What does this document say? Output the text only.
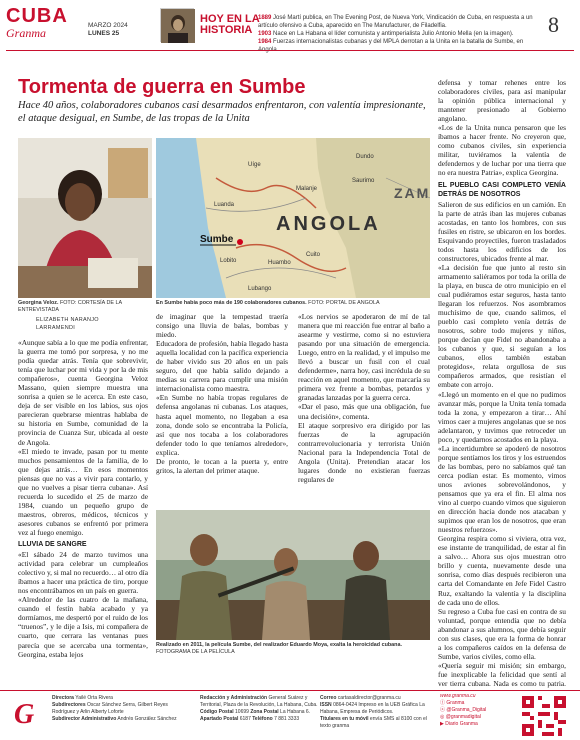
CUBA
Granma
MARZO 2024
LUNES 25
HOY EN LA HISTORIA
1889 José Martí publica, en The Evening Post, de Nueva York, Vindicación de Cuba, en respuesta a un artículo ofensivo a Cuba, aparecido en The Manufacturer, de Filadelfia.
1903 Nace en La Habana el líder comunista y antimperialista Julio Antonio Mella (en la imagen).
1984 Fuerzas internacionalistas cubanas y del MPLA derrotan a la Unita en la batalla de Sumbe, en
8
Tormenta de guerra en Sumbe
Hace 40 años, colaboradores cubanos casi desarmados enfrentaron, con valentía impresionante, el ataque desigual, en Sumbe, de las tropas de la Unita
Georgina Veloz. FOTO: CORTESÍA DE LA ENTREVISTADA
ANGOLA
Sumbe
ZAM
Luanda
Malanje
Huambo
Lubango
Dundo
Cuito
Saurimo
Uíge
Lobito
En Sumbe había poco más de 190 colaboradores cubanos. FOTO: PORTAL DE ANGOLA
ELIZABETH NARANJO
LARRAMENDI

«Aunque sabía a lo que me podía enfrentar, la guerra me tomó por sorpresa, y no me podía quedar atrás. Tenía que sobrevivir, tenía que luchar por mi vida y por la de mis compañeros», cuenta Georgina Veloz Massano, quien siempre muestra una sonrisa a quien se le acerca. En este caso, deja de ser visible en los labios, sus ojos parecieran quebrarse mientras hablaba de su historia en Sumbe, comunidad de la provincia de Cuanza Sur, ubicada al oeste de Angola.

«El miedo te invade, pasan por tu mente muchos pensamientos de la familia, de lo que dejas atrás… En esos momentos piensas que no vas a vivir para contarlo, y que no vuelves a pisar tierra cubana». Así recuerda lo sucedido el 25 de marzo de 1984, cuando un pequeño grupo de maestros, obreros, médicos, técnicos y asesores cubanos se enfrentó por primera vez al fuego enemigo.

LLUVIA DE SANGRE

«El sábado 24 de marzo tuvimos una actividad para celebrar un cumpleaños colectivo y, si mal no recuerdo… al otro día íbamos a hacer una práctica de tiro, porque nos encontrábamos en un país en guerra.

«Alrededor de las cuatro de la mañana, cuando el festín había acabado y ya dormíamos, me despertó por el ruido de los “truenos”, y le dije a Isis, mi compañera de cuarto, que cerrara las ventanas pues parecía que se acercaba una tormenta», Georgina, estaba lejos

de imaginar que la tempestad traería consigo una lluvia de balas, bombas y miedo.

Educadora de profesión, había llegado hasta aquella localidad con la pacífica experiencia de haber vivido sus 20 años en un país seguro, del que había salido dejando a medias su carrera para cumplir una misión internacionalista como maestra.

«En Sumbe no había tropas regulares de defensa angolanas ni cubanas. Los ataques, hasta aquel momento, no llegaban a esa zona, donde solo se encontraba la Policía, así que nos tocaba a los colaboradores defender todo lo que teníamos alrededor», explica.

De pronto, le tocan a la puerta y, entre gritos, la alertan del primer ataque.

«Los nervios se apoderaron de mí de tal manera que mi reacción fue entrar al baño a asearme y vestirme, como si no estuviera pasando por una situación de emergencia. Luego, entro en la realidad, y el impulso me llevó a buscar un fusil con el cual defenderme», narra hoy, casi incrédula de su reacción en aquel momento, que marcaría su primera vez frente a bombas, petardos y granadas lanzadas por la guerra cerca.

«Dar el paso, más que una obligación, fue una decisión», comenta.

El ataque sorpresivo era dirigido por las fuerzas de la agrupación contrarrevolucionaria y terrorista Unión Nacional para la Independencia Total de Angola (Unita). Pretendían atacar los lugares donde no existieran fuerzas regulares de

Realizado en 2011, la película Sumbe, del realizador Eduardo Moya, exalta la heroicidad cubana. FOTOGRAMA DE LA PELÍCULA

defensa y tomar rehenes entre los colaboradores civiles, para así manipular la opinión pública internacional y mantener presionado al Gobierno angolano.

«Los de la Unita nunca pensaron que les íbamos a hacer frente. No creyeron que, como cubanos civiles, sin experiencia militar, tuviéramos la valentía de defendernos y de luchar por una tierra que no era nuestra Patria», explica Georgina.

EL PUEBLO CASI COMPLETO VENÍA DETRÁS DE NOSOTROS

Salieron de sus edificios en un camión. En la parte de atrás iban las mujeres cubanas acostadas, en tanto los hombres, con sus fusiles en ristre, se ubicaron en los bordes. Esquivando proyectiles, fueron trasladados todos hasta los edificios de los constructores, ubicados frente al mar.

«La decisión fue que junto al resto sin armamento saliéramos por toda la orilla de la playa, en busca de otro municipio en el cual pudiéramos estar seguros, hasta tanto llegaran los refuerzos. Nos asombramos muchísimo de que, cuando salimos, el pueblo casi completo venía detrás de nosotros, sobre todo mujeres y niños, porque decían que Fidel no abandonaba a los cubanos y que, si seguían a los cubanos, ellos también estaban protegidos», relata orgullosa de sus compañeros armados, que resistían el embate con arrojo.

«Llegó un momento en el que no pudimos avanzar más, porque la Unita tenía tomada toda la zona, y empezaron a tirar… Ahí vimos caer a mujeres angolanas que se nos adelantaron, y tuvimos que retroceder un poco, y quedarnos acostados en la playa.

«La incertidumbre se apoderó de nosotros porque sentíamos los tiros y los estruendos de las bombas, pero no sabíamos qué tan cerca podían estar. Es momento, vimos unos aviones sobrevolándonos, y pensamos que ya era el fin. El alma nos vino al cuerpo cuando vimos que siguieron en dirección hacia donde nos atacaban y supimos que eran los de nosotros, que eran nuestros refuerzos».

Georgina respira como si viviera, otra vez, ese instante de tranquilidad, de estar al fin a salvo… Ahora sus ojos muestran otro brillo y cuenta, nuevamente desde una sonrisa, como días después recibieron una carta del Comandante en Jefe Fidel Castro Ruz, exaltando la valentía y la disciplina de cada uno de ellos.

Su regreso a Cuba fue casi en contra de su voluntad, porque entendía que no debía abandonar a sus alumnos, que debía seguir con sus clases, que era la forma de honrar a los compañeros caídos en la defensa de Sumbe, varios civiles, como ella.

«Quería seguir mi misión; sin embargo, fue inexplicable la felicidad que sentí al ver tierra cubana. Nada es como tu patria.

G
Directora Yailé Orta Rivera
Subdirectores Oscar Sánchez Serra, Gilbert Reyes Rodríguez y Arlin Alberty Loforte
Subdirector Administrativo Andrés González Sánchez
Redacción y Administración General Suárez y Territorial, Plaza de la Revolución, La Habana, Cuba.
Código Postal 10699 Zona Postal La Habana 6.
Apartado Postal 6187 Teléfono 7 881 3333
Correo cartasaldirector@granma.cu
ISSN 0864-0424 Impreso en la UEB Gráfica La Habana, Empresa de Periódicos.
Titulares en tu móvil envía SMS al 8100 con el texto granma
www.granma.cu
ⓕ Granma
ⓧ @Granma_Digital
◎ @granmadigital
▶ Diario Granma
